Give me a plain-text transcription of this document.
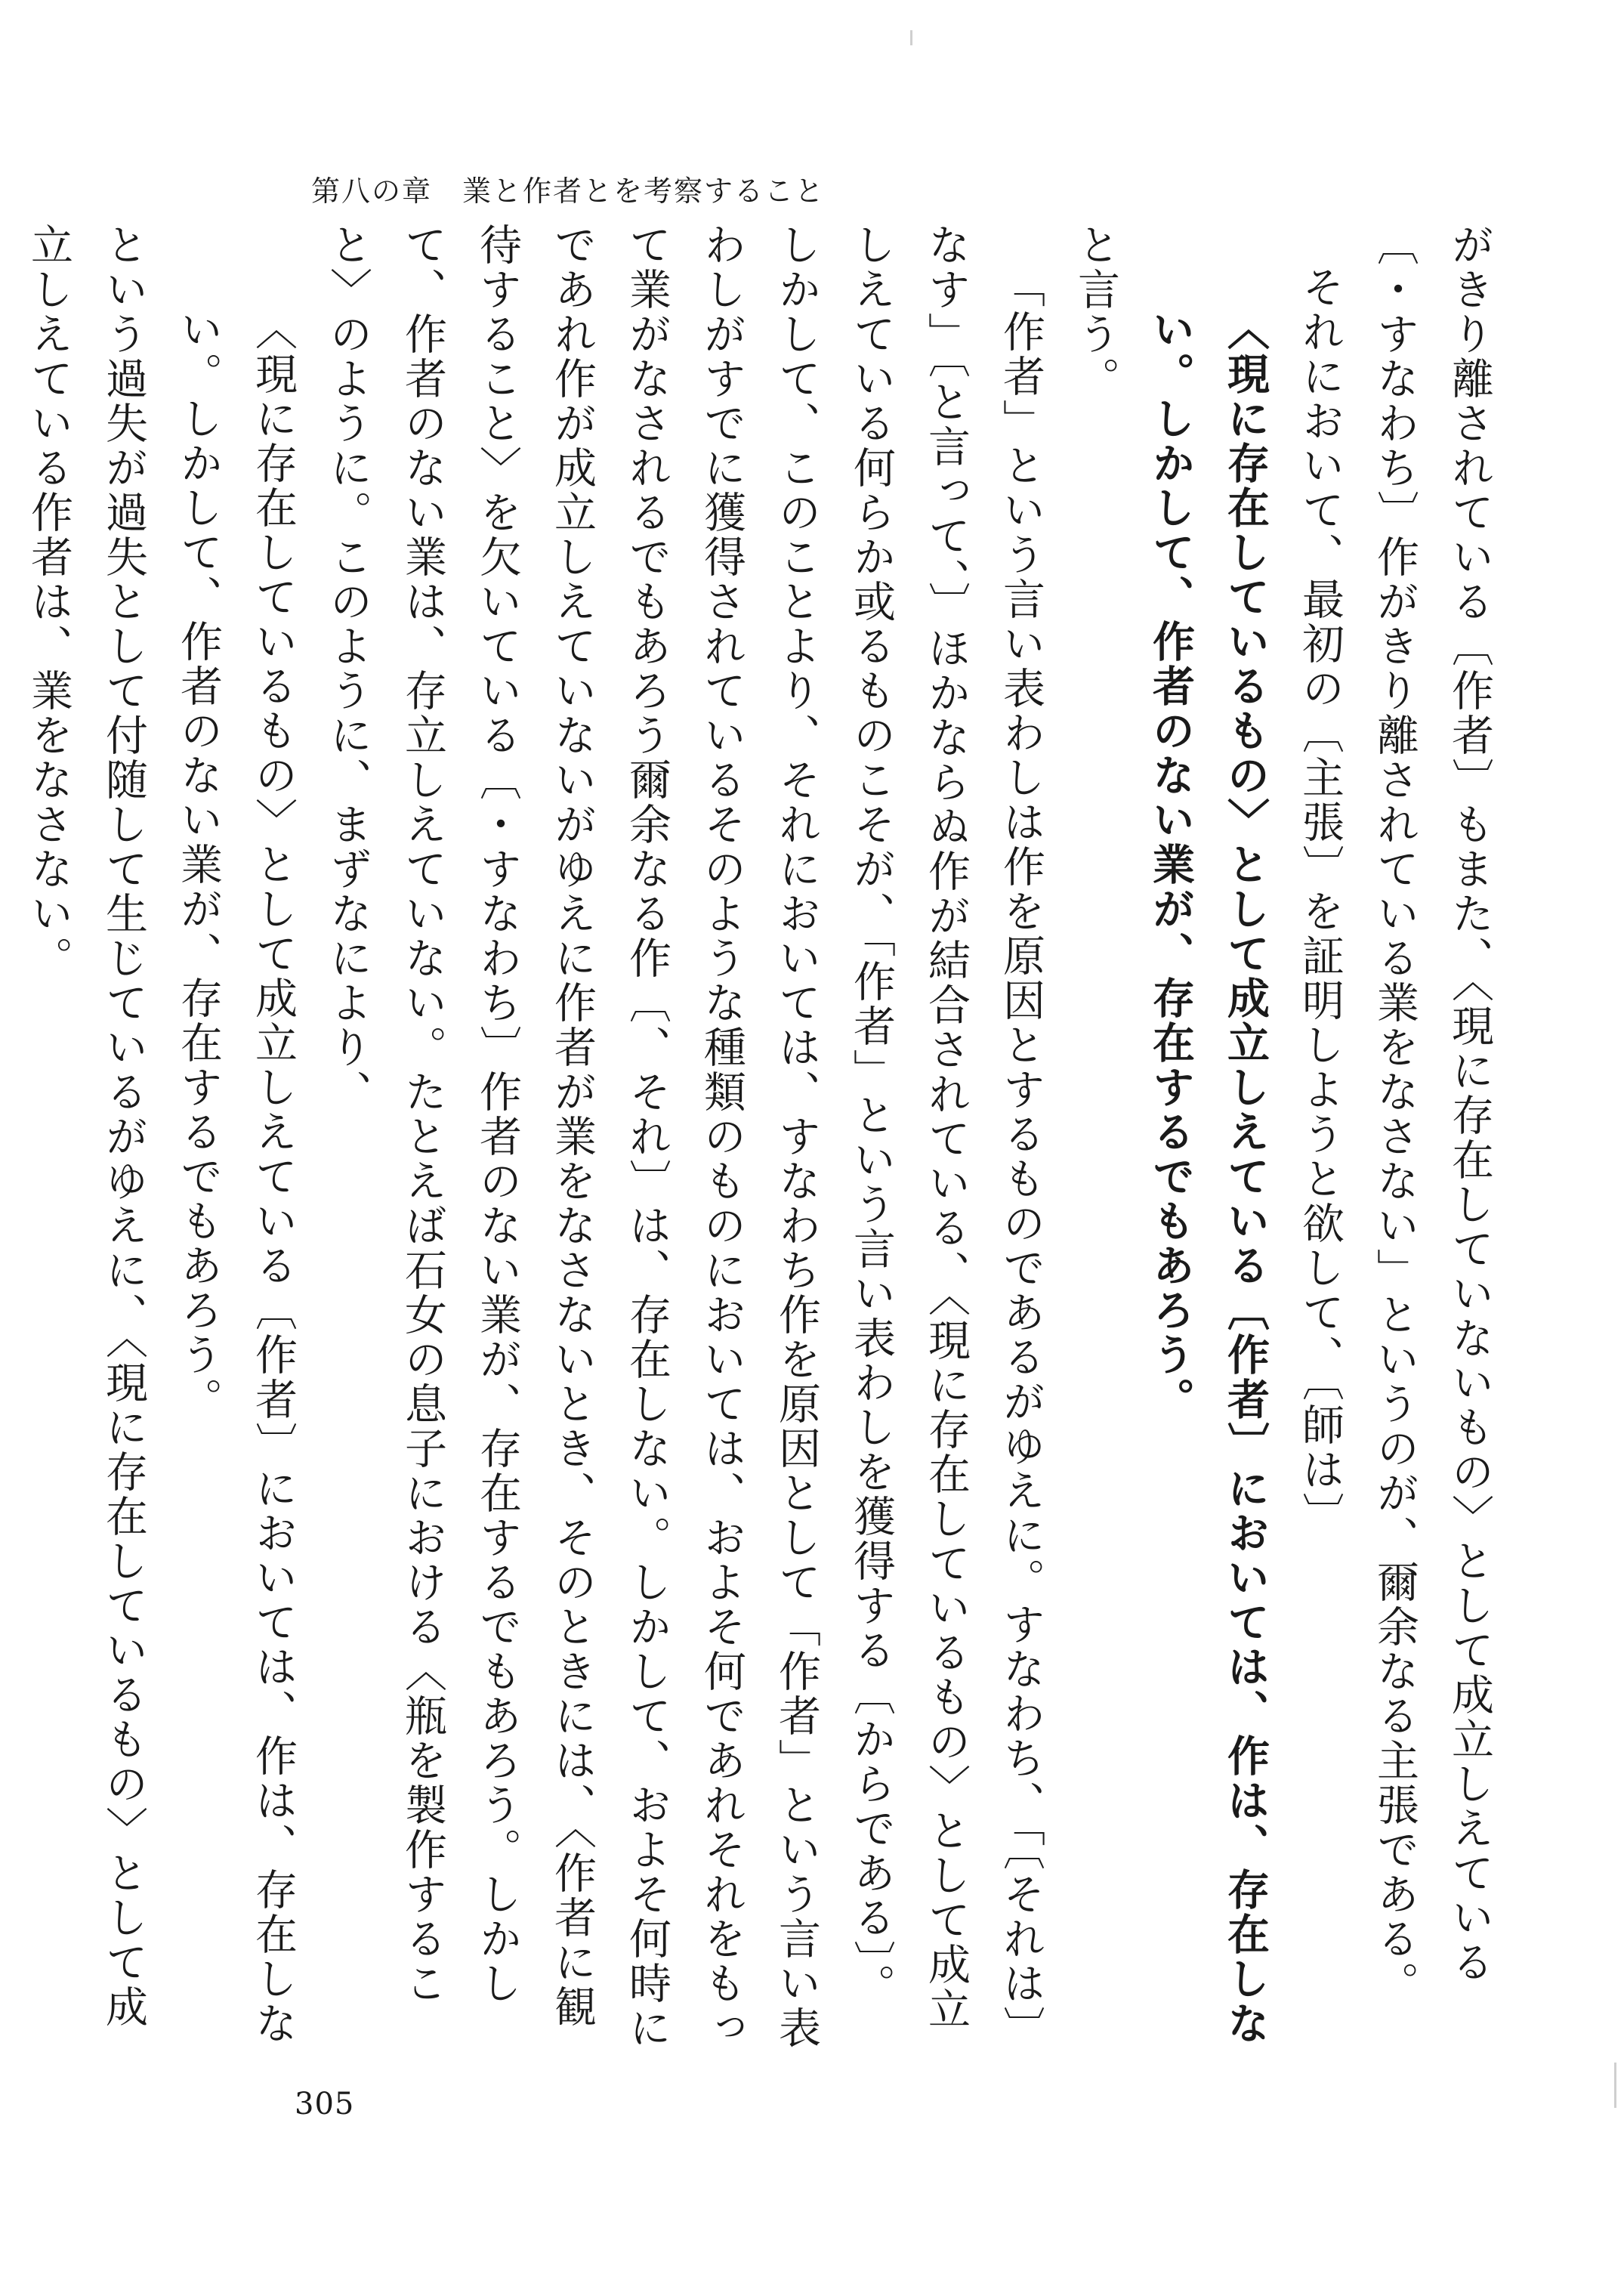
第八の章　業と作者とを考察すること

がきり離されている〔作者〕もまた、〈現に存在していないもの〉として成立しえている〔・すなわち〕作がきり離されている業をなさない」というのが、爾余なる主張である。

それにおいて、最初の〔主張〕を証明しようと欲して、〔師は〕

〈現に存在しているもの〉として成立しえている〔作者〕においては、作は、存在しない。しかして、作者のない業が、存在するでもあろう。

と言う。

「作者」という言い表わしは作を原因とするものであるがゆえに。すなわち、「〔それは〕なす」〔と言って、〕ほかならぬ作が結合されている、〈現に存在しているもの〉として成立しえている何らか或るものこそが、「作者」という言い表わしを獲得する〔からである〕。しかして、このことより、それにおいては、すなわち作を原因として「作者」という言い表わしがすでに獲得されているそのような種類のものにおいては、およそ何であれそれをもって業がなされるでもあろう爾余なる作〔、それ〕は、存在しない。しかして、およそ何時にであれ作が成立しえていないがゆえに作者が業をなさないとき、そのときには、〈作者に観待すること〉を欠いている〔・すなわち〕作者のない業が、存在するでもあろう。しかして、作者のない業は、存立しえていない。たとえば石女の息子における〈瓶を製作すること〉のように。このように、まずなにより、

〈現に存在しているもの〉として成立しえている〔作者〕においては、作は、存在しない。しかして、作者のない業が、存在するでもあろう。

という過失が過失として付随して生じているがゆえに、〈現に存在しているもの〉として成立しえている作者は、業をなさない。

305
